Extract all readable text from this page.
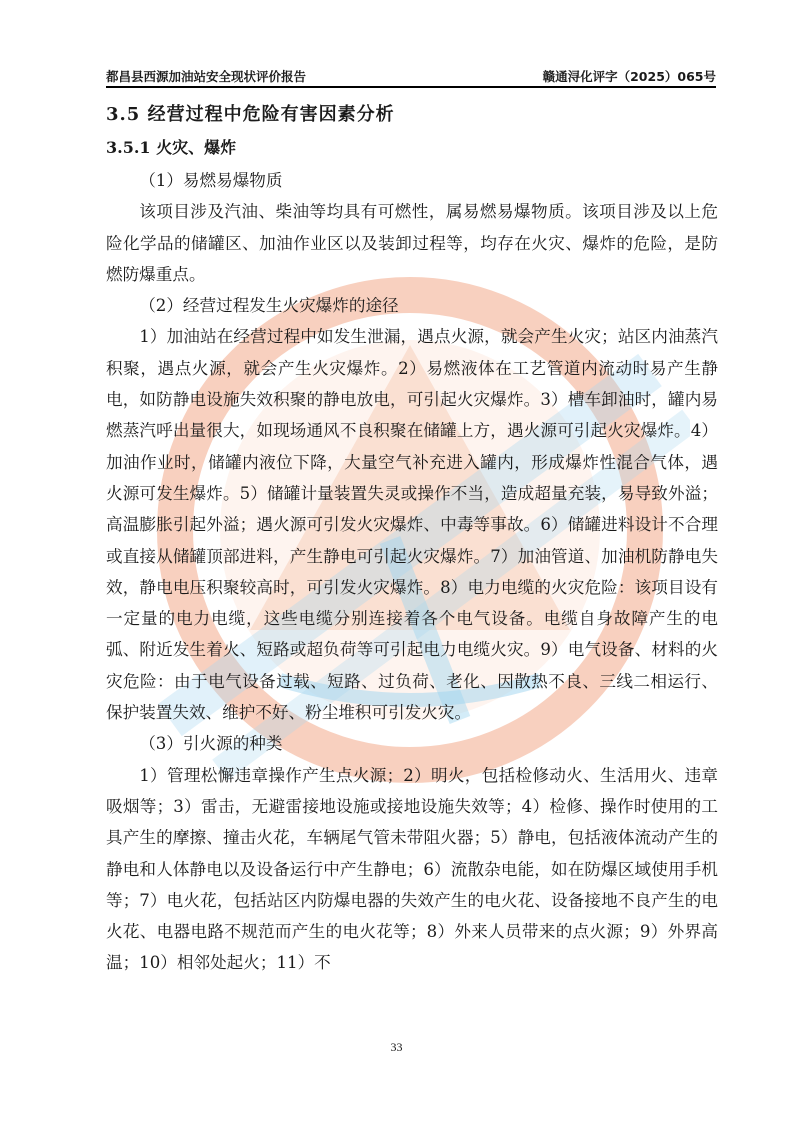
都昌县西源加油站安全现状评价报告	赣通浔化评字（2025）065号
3.5 经营过程中危险有害因素分析
3.5.1 火灾、爆炸

（1）易燃易爆物质

该项目涉及汽油、柴油等均具有可燃性，属易燃易爆物质。该项目涉及以上危险化学品的储罐区、加油作业区以及装卸过程等，均存在火灾、爆炸的危险，是防燃防爆重点。

（2）经营过程发生火灾爆炸的途径

1）加油站在经营过程中如发生泄漏，遇点火源，就会产生火灾；站区内油蒸汽积聚，遇点火源，就会产生火灾爆炸。2）易燃液体在工艺管道内流动时易产生静电，如防静电设施失效积聚的静电放电，可引起火灾爆炸。3）槽车卸油时，罐内易燃蒸汽呼出量很大，如现场通风不良积聚在储罐上方，遇火源可引起火灾爆炸。4）加油作业时，储罐内液位下降，大量空气补充进入罐内，形成爆炸性混合气体，遇火源可发生爆炸。5）储罐计量装置失灵或操作不当，造成超量充装，易导致外溢；高温膨胀引起外溢；遇火源可引发火灾爆炸、中毒等事故。6）储罐进料设计不合理或直接从储罐顶部进料，产生静电可引起火灾爆炸。7）加油管道、加油机防静电失效，静电电压积聚较高时，可引发火灾爆炸。8）电力电缆的火灾危险：该项目设有一定量的电力电缆，这些电缆分别连接着各个电气设备。电缆自身故障产生的电弧、附近发生着火、短路或超负荷等可引起电力电缆火灾。9）电气设备、材料的火灾危险：由于电气设备过载、短路、过负荷、老化、因散热不良、三线二相运行、保护装置失效、维护不好、粉尘堆积可引发火灾。

（3）引火源的种类

1）管理松懈违章操作产生点火源；2）明火，包括检修动火、生活用火、违章吸烟等；3）雷击，无避雷接地设施或接地设施失效等；4）检修、操作时使用的工具产生的摩擦、撞击火花，车辆尾气管未带阻火器；5）静电，包括液体流动产生的静电和人体静电以及设备运行中产生静电；6）流散杂电能，如在防爆区域使用手机等；7）电火花，包括站区内防爆电器的失效产生的电火花、设备接地不良产生的电火花、电器电路不规范而产生的电火花等；8）外来人员带来的点火源；9）外界高温；10）相邻处起火；11）不

33
